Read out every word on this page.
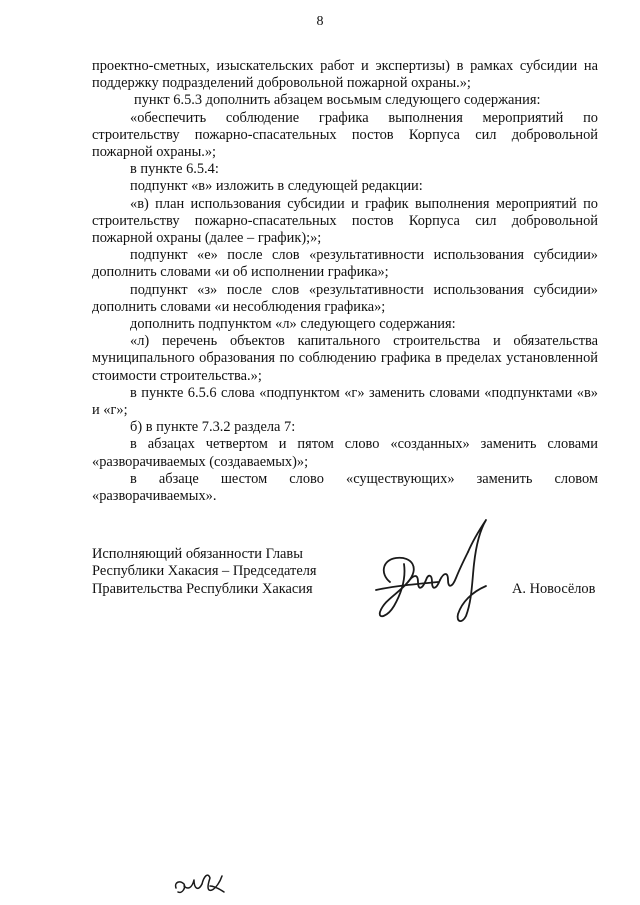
8

проектно-сметных, изыскательских работ и экспертизы) в рамках субсидии на поддержку подразделений добровольной пожарной охраны.»;

пункт 6.5.3 дополнить абзацем восьмым следующего содержания:

«обеспечить соблюдение графика выполнения мероприятий по строительству пожарно-спасательных постов Корпуса сил добровольной пожарной охраны.»;

в пункте 6.5.4:

подпункт «в» изложить в следующей редакции:

«в) план использования субсидии и график выполнения мероприятий по строительству пожарно-спасательных постов Корпуса сил добровольной пожарной охраны (далее – график);»;

подпункт «е» после слов «результативности использования субсидии» дополнить словами «и об исполнении графика»;

подпункт «з» после слов «результативности использования субсидии» дополнить словами «и несоблюдения графика»;

дополнить подпунктом «л» следующего содержания:

«л) перечень объектов капитального строительства и обязательства муниципального образования по соблюдению графика в пределах установленной стоимости строительства.»;

в пункте 6.5.6 слова «подпунктом «г» заменить словами «подпунктами «в» и «г»;

б) в пункте 7.3.2 раздела 7:

в абзацах четвертом и пятом слово «созданных» заменить словами «разворачиваемых (создаваемых)»;

в абзаце шестом слово «существующих» заменить словом «разворачиваемых».

Исполняющий обязанности Главы
Республики Хакасия – Председателя
Правительства Республики Хакасия	А. Новосёлов
